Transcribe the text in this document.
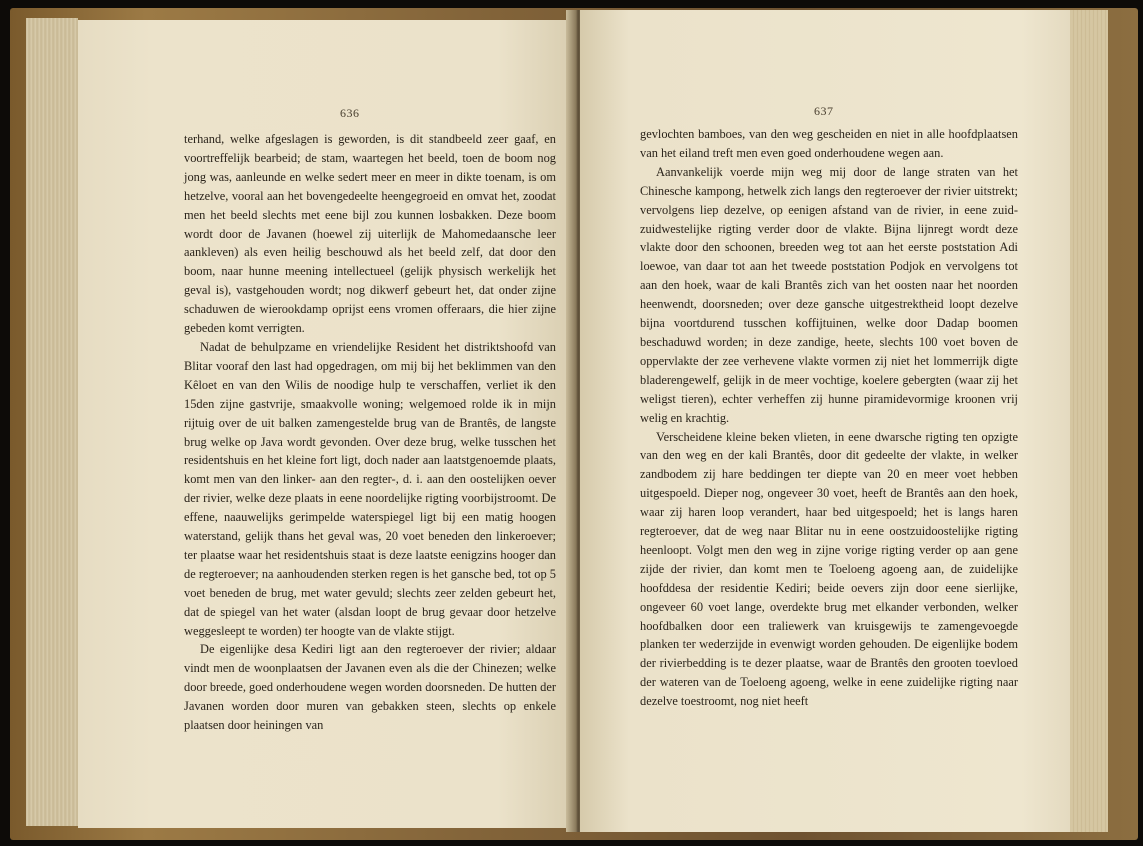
636

terhand, welke afgeslagen is geworden, is dit standbeeld zeer gaaf, en voortreffelijk bearbeid; de stam, waartegen het beeld, toen de boom nog jong was, aanleunde en welke sedert meer en meer in dikte toenam, is om hetzelve, vooral aan het bovengedeelte heengegroeid en omvat het, zoodat men het beeld slechts met eene bijl zou kunnen losbakken. Deze boom wordt door de Javanen (hoewel zij uiterlijk de Mahomedaansche leer aankleven) als even heilig beschouwd als het beeld zelf, dat door den boom, naar hunne meening intellectueel (gelijk physisch werkelijk het geval is), vastgehouden wordt; nog dikwerf gebeurt het, dat onder zijne schaduwen de wierookdamp oprijst eens vromen offeraars, die hier zijne gebeden komt verrigten.

Nadat de behulpzame en vriendelijke Resident het distriktshoofd van Blitar vooraf den last had opgedragen, om mij bij het beklimmen van den Kêloet en van den Wilis de noodige hulp te verschaffen, verliet ik den 15den zijne gastvrije, smaakvolle woning; welgemoed rolde ik in mijn rijtuig over de uit balken zamengestelde brug van de Brantês, de langste brug welke op Java wordt gevonden. Over deze brug, welke tusschen het residentshuis en het kleine fort ligt, doch nader aan laatstgenoemde plaats, komt men van den linker- aan den regter-, d. i. aan den oostelijken oever der rivier, welke deze plaats in eene noordelijke rigting voorbijstroomt. De effene, naauwelijks gerimpelde waterspiegel ligt bij een matig hoogen waterstand, gelijk thans het geval was, 20 voet beneden den linkeroever; ter plaatse waar het residentshuis staat is deze laatste eenigzins hooger dan de regteroever; na aanhoudenden sterken regen is het gansche bed, tot op 5 voet beneden de brug, met water gevuld; slechts zeer zelden gebeurt het, dat de spiegel van het water (alsdan loopt de brug gevaar door hetzelve weggesleept te worden) ter hoogte van de vlakte stijgt.

De eigenlijke desa Kediri ligt aan den regteroever der rivier; aldaar vindt men de woonplaatsen der Javanen even als die der Chinezen; welke door breede, goed onderhoudene wegen worden doorsneden. De hutten der Javanen worden door muren van gebakken steen, slechts op enkele plaatsen door heiningen van

637

gevlochten bamboes, van den weg gescheiden en niet in alle hoofdplaatsen van het eiland treft men even goed onderhoudene wegen aan.

Aanvankelijk voerde mijn weg mij door de lange straten van het Chinesche kampong, hetwelk zich langs den regteroever der rivier uitstrekt; vervolgens liep dezelve, op eenigen afstand van de rivier, in eene zuid-zuidwestelijke rigting verder door de vlakte. Bijna lijnregt wordt deze vlakte door den schoonen, breeden weg tot aan het eerste poststation Adi loewoe, van daar tot aan het tweede poststation Podjok en vervolgens tot aan den hoek, waar de kali Brantês zich van het oosten naar het noorden heenwendt, doorsneden; over deze gansche uitgestrektheid loopt dezelve bijna voortdurend tusschen koffijtuinen, welke door Dadap boomen beschaduwd worden; in deze zandige, heete, slechts 100 voet boven de oppervlakte der zee verhevene vlakte vormen zij niet het lommerrijk digte bladerengewelf, gelijk in de meer vochtige, koelere gebergten (waar zij het weligst tieren), echter verheffen zij hunne piramidevormige kroonen vrij welig en krachtig.

Verscheidene kleine beken vlieten, in eene dwarsche rigting ten opzigte van den weg en der kali Brantês, door dit gedeelte der vlakte, in welker zandbodem zij hare beddingen ter diepte van 20 en meer voet hebben uitgespoeld. Dieper nog, ongeveer 30 voet, heeft de Brantês aan den hoek, waar zij haren loop verandert, haar bed uitgespoeld; het is langs haren regteroever, dat de weg naar Blitar nu in eene oostzuidoostelijke rigting heenloopt. Volgt men den weg in zijne vorige rigting verder op aan gene zijde der rivier, dan komt men te Toeloeng agoeng aan, de zuidelijke hoofddesa der residentie Kediri; beide oevers zijn door eene sierlijke, ongeveer 60 voet lange, overdekte brug met elkander verbonden, welker hoofdbalken door een traliewerk van kruisgewijs te zamengevoegde planken ter wederzijde in evenwigt worden gehouden. De eigenlijke bodem der rivierbedding is te dezer plaatse, waar de Brantês den grooten toevloed der wateren van de Toeloeng agoeng, welke in eene zuidelijke rigting naar dezelve toestroomt, nog niet heeft
